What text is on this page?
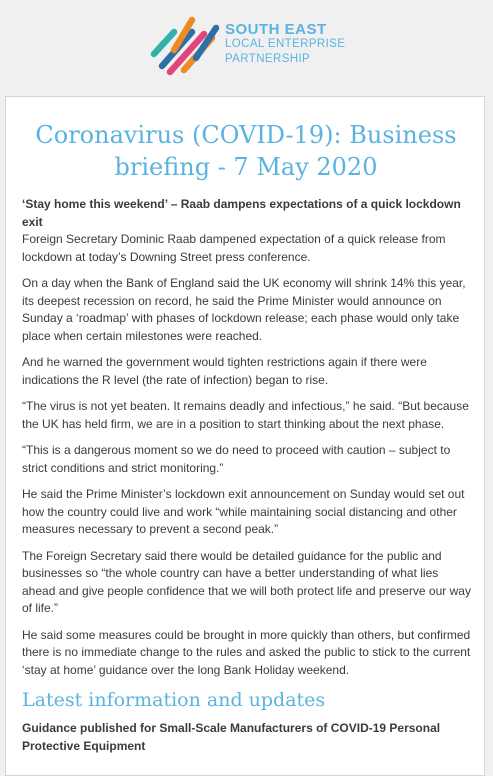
SOUTH EAST
LOCAL ENTERPRISE
PARTNERSHIP
Coronavirus (COVID-19): Business briefing - 7 May 2020

‘Stay home this weekend’ – Raab dampens expectations of a quick lockdown exit

Foreign Secretary Dominic Raab dampened expectation of a quick release from lockdown at today’s Downing Street press conference.

On a day when the Bank of England said the UK economy will shrink 14% this year, its deepest recession on record, he said the Prime Minister would announce on Sunday a ‘roadmap’ with phases of lockdown release; each phase would only take place when certain milestones were reached.

And he warned the government would tighten restrictions again if there were indications the R level (the rate of infection) began to rise.

“The virus is not yet beaten. It remains deadly and infectious,” he said. “But because the UK has held firm, we are in a position to start thinking about the next phase.

“This is a dangerous moment so we do need to proceed with caution – subject to strict conditions and strict monitoring.”

He said the Prime Minister’s lockdown exit announcement on Sunday would set out how the country could live and work “while maintaining social distancing and other measures necessary to prevent a second peak.”

The Foreign Secretary said there would be detailed guidance for the public and businesses so “the whole country can have a better understanding of what lies ahead and give people confidence that we will both protect life and preserve our way of life.”

He said some measures could be brought in more quickly than others, but confirmed there is no immediate change to the rules and asked the public to stick to the current ‘stay at home’ guidance over the long Bank Holiday weekend.

Latest information and updates

Guidance published for Small-Scale Manufacturers of COVID-19 Personal Protective Equipment
